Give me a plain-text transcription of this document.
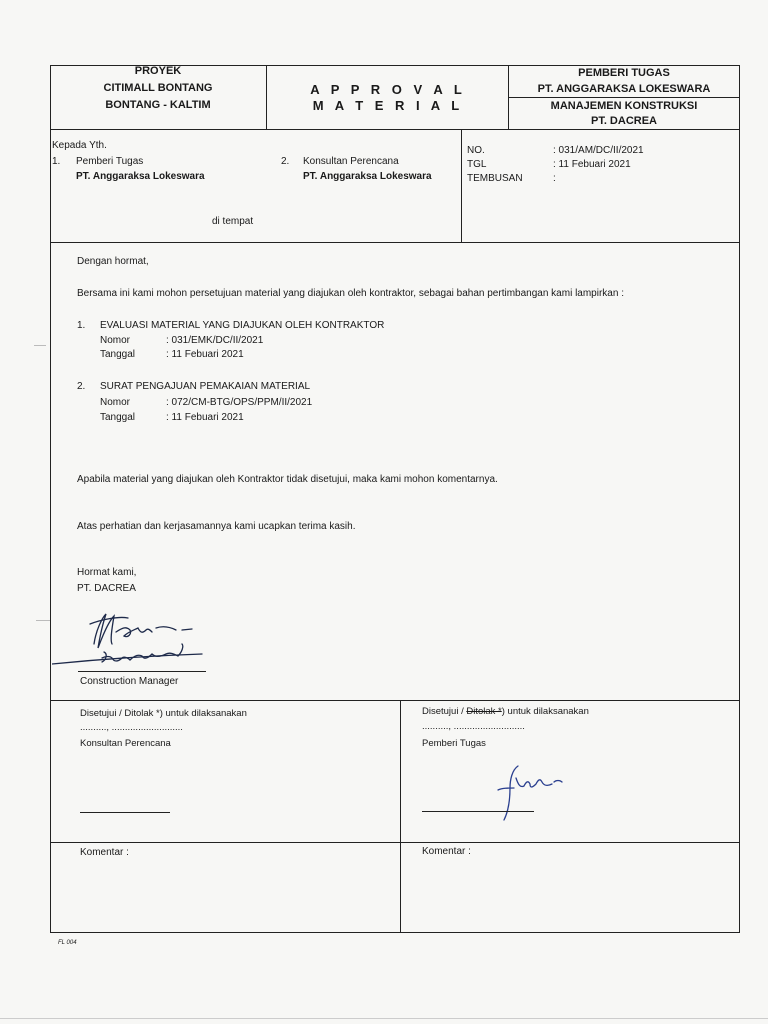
PROYEK
CITIMALL BONTANG
BONTANG - KALTIM
A P P R O V A L
M A T E R I A L
PEMBERI TUGAS
PT. ANGGARAKSA LOKESWARA
MANAJEMEN KONSTRUKSI
PT. DACREA
Kepada Yth.
1. Pemberi Tugas
PT. Anggaraksa Lokeswara
2. Konsultan Perencana
PT. Anggaraksa Lokeswara
di tempat
NO.	: 031/AM/DC/II/2021
TGL	: 11 Febuari 2021
TEMBUSAN	:
Dengan hormat,
Bersama ini kami mohon persetujuan material yang diajukan oleh kontraktor, sebagai bahan pertimbangan kami lampirkan :
1. EVALUASI MATERIAL YANG DIAJUKAN OLEH KONTRAKTOR
Nomor	: 031/EMK/DC/II/2021
Tanggal	: 11 Febuari 2021
2. SURAT PENGAJUAN PEMAKAIAN MATERIAL
Nomor	: 072/CM-BTG/OPS/PPM/II/2021
Tanggal	: 11 Febuari 2021
Apabila material yang diajukan oleh Kontraktor tidak disetujui, maka kami mohon komentarnya.
Atas perhatian dan kerjasamannya kami ucapkan terima kasih.
Hormat kami,
PT. DACREA
Construction Manager
Disetujui / Ditolak *) untuk dilaksanakan
.........., ...........................
Konsultan Perencana
Disetujui / Ditolak *) untuk dilaksanakan
.........., ...........................
Pemberi Tugas
Komentar :	Komentar :
FL 004
